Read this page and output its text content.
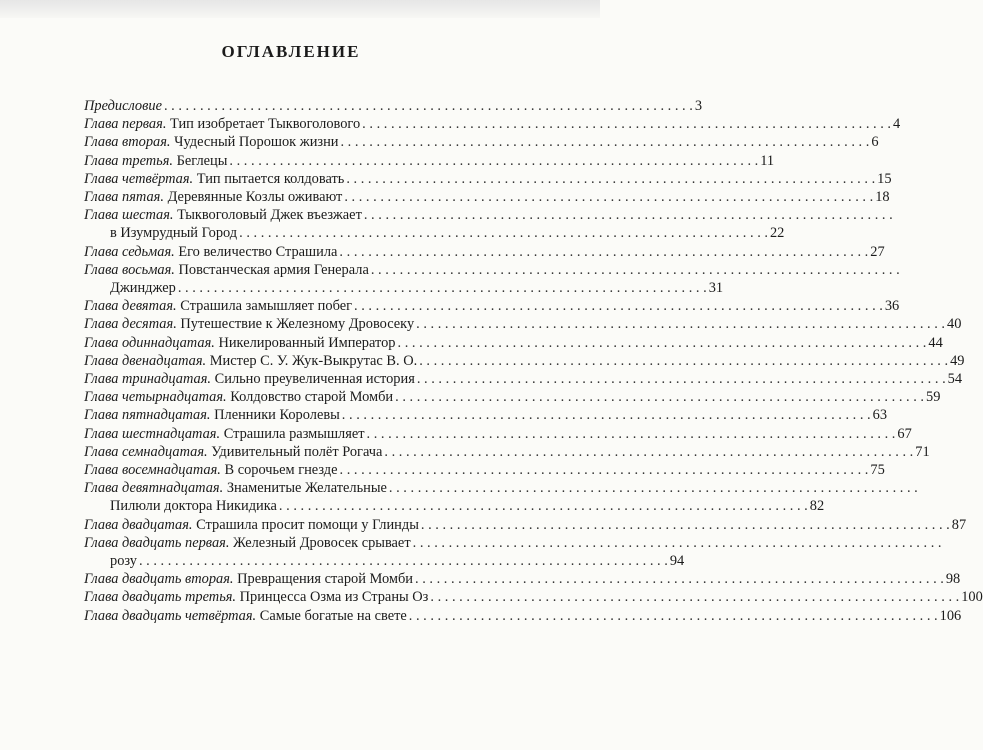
ОГЛАВЛЕНИЕ
Предисловие . . .	3
Глава первая. Тип изобретает Тыквоголового . . .	4
Глава вторая. Чудесный Порошок жизни . . .	6
Глава третья. Беглецы . . .	11
Глава четвёртая. Тип пытается колдовать . . .	15
Глава пятая. Деревянные Козлы оживают . . .	18
Глава шестая. Тыквоголовый Джек въезжает
. . .
в Изумрудный Город . . .	22
Глава седьмая. Его величество Страшила . . .	27
Глава восьмая. Повстанческая армия Генерала
. . .
Джинджер . . .	31
Глава девятая. Страшила замышляет побег . . .	36
Глава десятая. Путешествие к Железному Дровосеку . . .	40
Глава одиннадцатая. Никелированный Император . . .	44
Глава двенадцатая. Мистер С. У. Жук-Выкрутас В. О. . . .	49
Глава тринадцатая. Сильно преувеличенная история . . .	54
Глава четырнадцатая. Колдовство старой Момби . . .	59
Глава пятнадцатая. Пленники Королевы . . .	63
Глава шестнадцатая. Страшила размышляет . . .	67
Глава семнадцатая. Удивительный полёт Рогача . . .	71
Глава восемнадцатая. В сорочьем гнезде . . .	75
Глава девятнадцатая. Знаменитые Желательные
. . .
Пилюли доктора Никидика . . .	82
Глава двадцатая. Страшила просит помощи у Глинды . . .	87
Глава двадцать первая. Железный Дровосек срывает
. . .
розу . . .	94
Глава двадцать вторая. Превращения старой Момби . . .	98
Глава двадцать третья. Принцесса Озма из Страны Оз . . .	100
Глава двадцать четвёртая. Самые богатые на свете . . .	106
